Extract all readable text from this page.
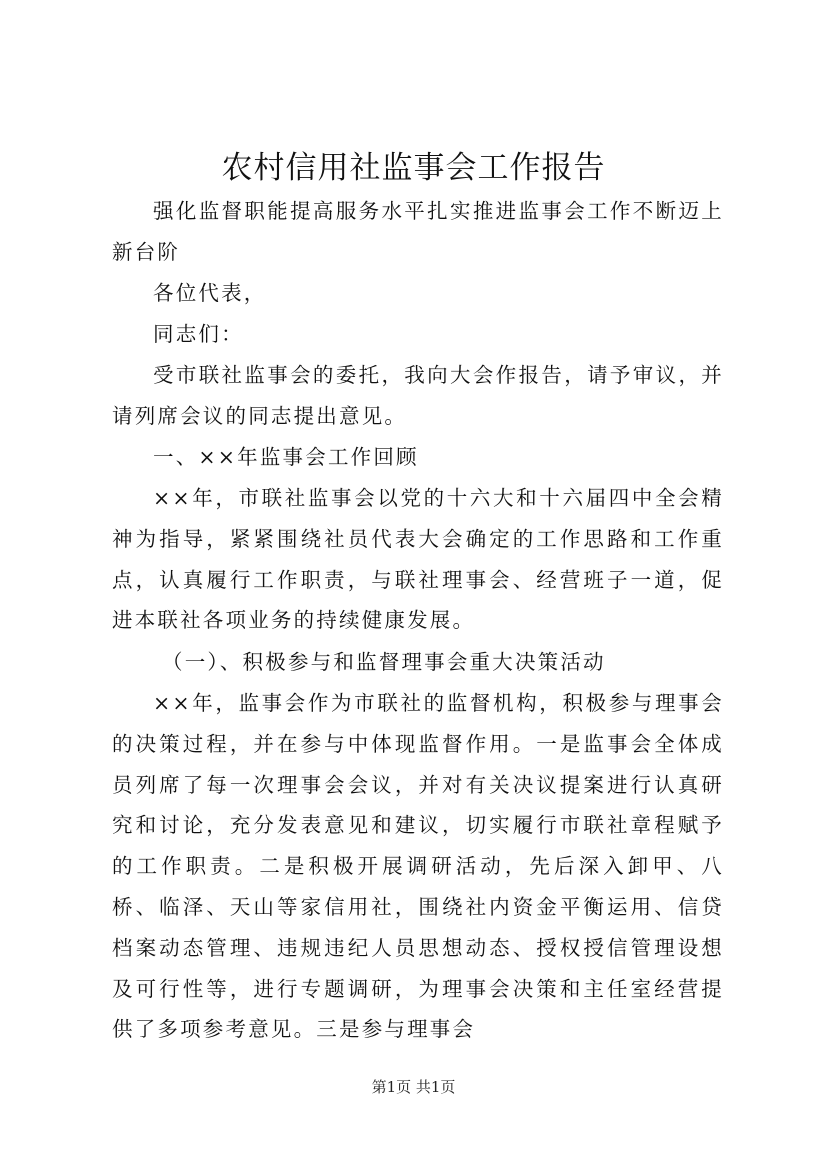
农村信用社监事会工作报告
强化监督职能提高服务水平扎实推进监事会工作不断迈上新台阶
各位代表，
同志们：
受市联社监事会的委托，我向大会作报告，请予审议，并请列席会议的同志提出意见。
一、××年监事会工作回顾
××年，市联社监事会以党的十六大和十六届四中全会精神为指导，紧紧围绕社员代表大会确定的工作思路和工作重点，认真履行工作职责，与联社理事会、经营班子一道，促进本联社各项业务的持续健康发展。
（一）、积极参与和监督理事会重大决策活动
××年，监事会作为市联社的监督机构，积极参与理事会的决策过程，并在参与中体现监督作用。一是监事会全体成员列席了每一次理事会会议，并对有关决议提案进行认真研究和讨论，充分发表意见和建议，切实履行市联社章程赋予的工作职责。二是积极开展调研活动，先后深入卸甲、八桥、临泽、天山等家信用社，围绕社内资金平衡运用、信贷档案动态管理、违规违纪人员思想动态、授权授信管理设想及可行性等，进行专题调研，为理事会决策和主任室经营提供了多项参考意见。三是参与理事会
第1页 共1页
